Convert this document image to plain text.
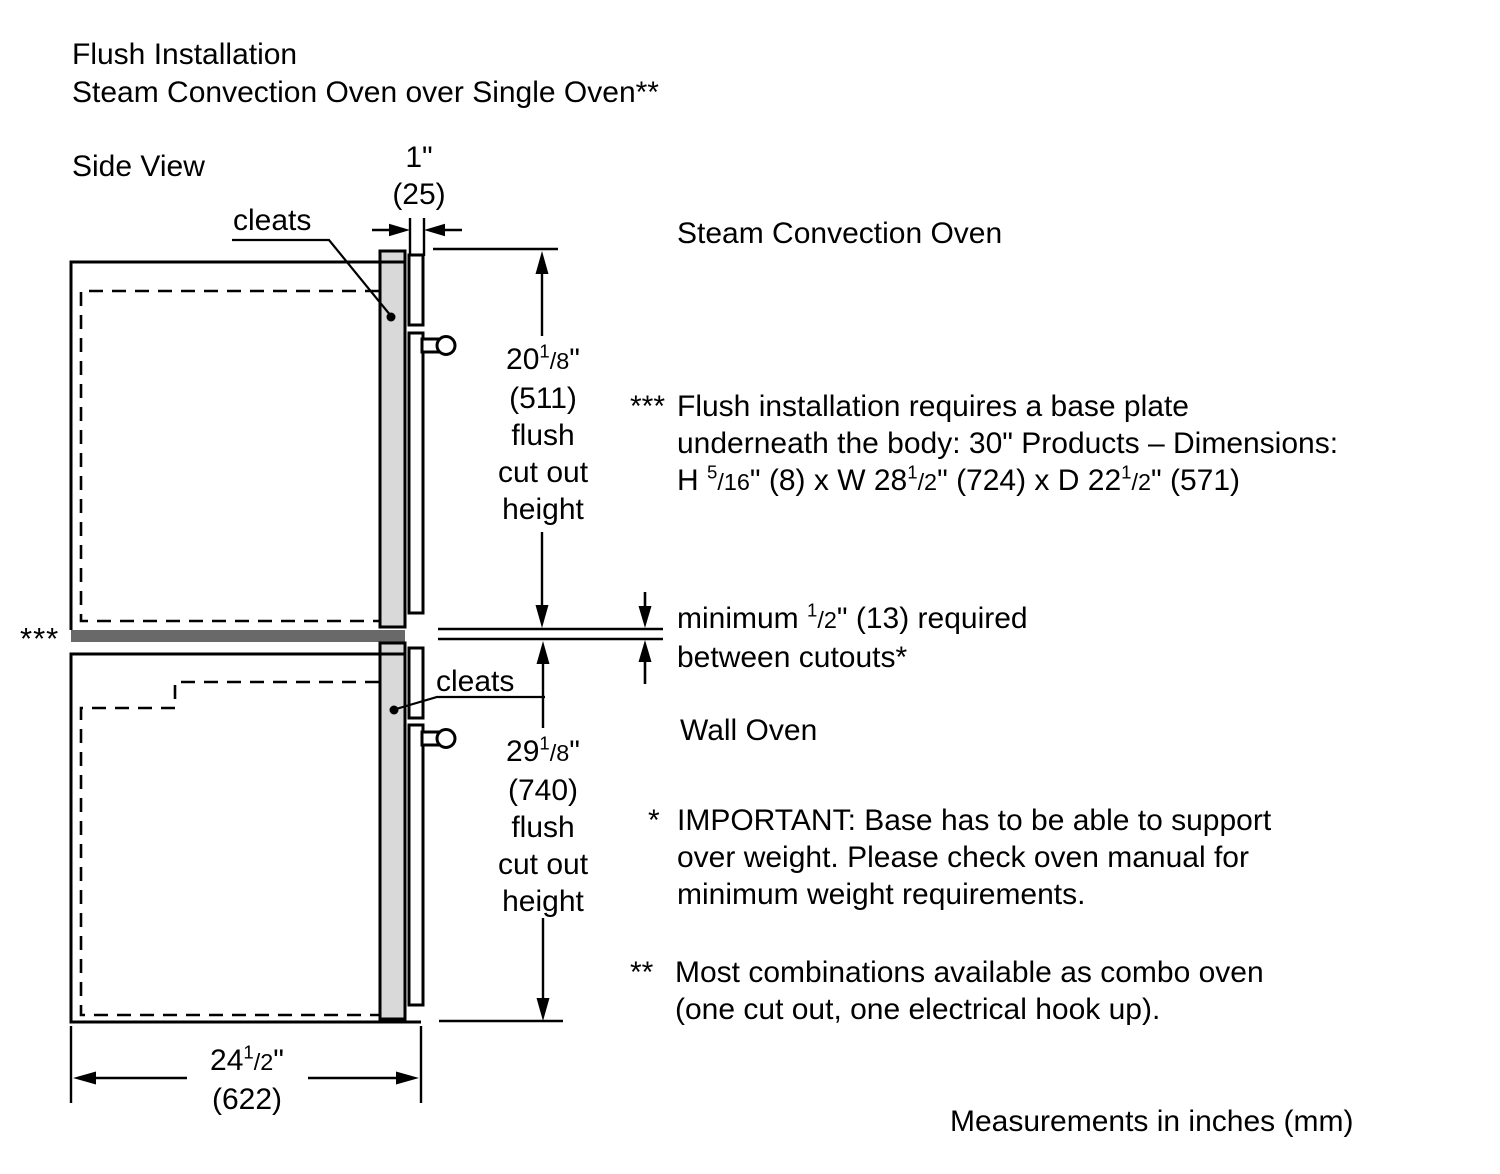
Flush Installation
Steam Convection Oven over Single Oven**
Side View	1"
(25)
cleats	Steam Convection Oven
$20^1/8$"
(511)
flush
cut out
height
*** Flush installation requires a base plate
underneath the body: 30" Products – Dimensions:
H $^5$/16" (8) x W $28^1/2$" (724) x D $22^1/2$" (571)
minimum $^1$/2" (13) required
between cutouts*
cleats
Wall Oven
$29^1/8$"
(740)
flush
cut out
height
* IMPORTANT: Base has to be able to support
over weight. Please check oven manual for
minimum weight requirements.
** Most combinations available as combo oven
(one cut out, one electrical hook up).
$24^1/2$"
(622)
***
Measurements in inches (mm)
